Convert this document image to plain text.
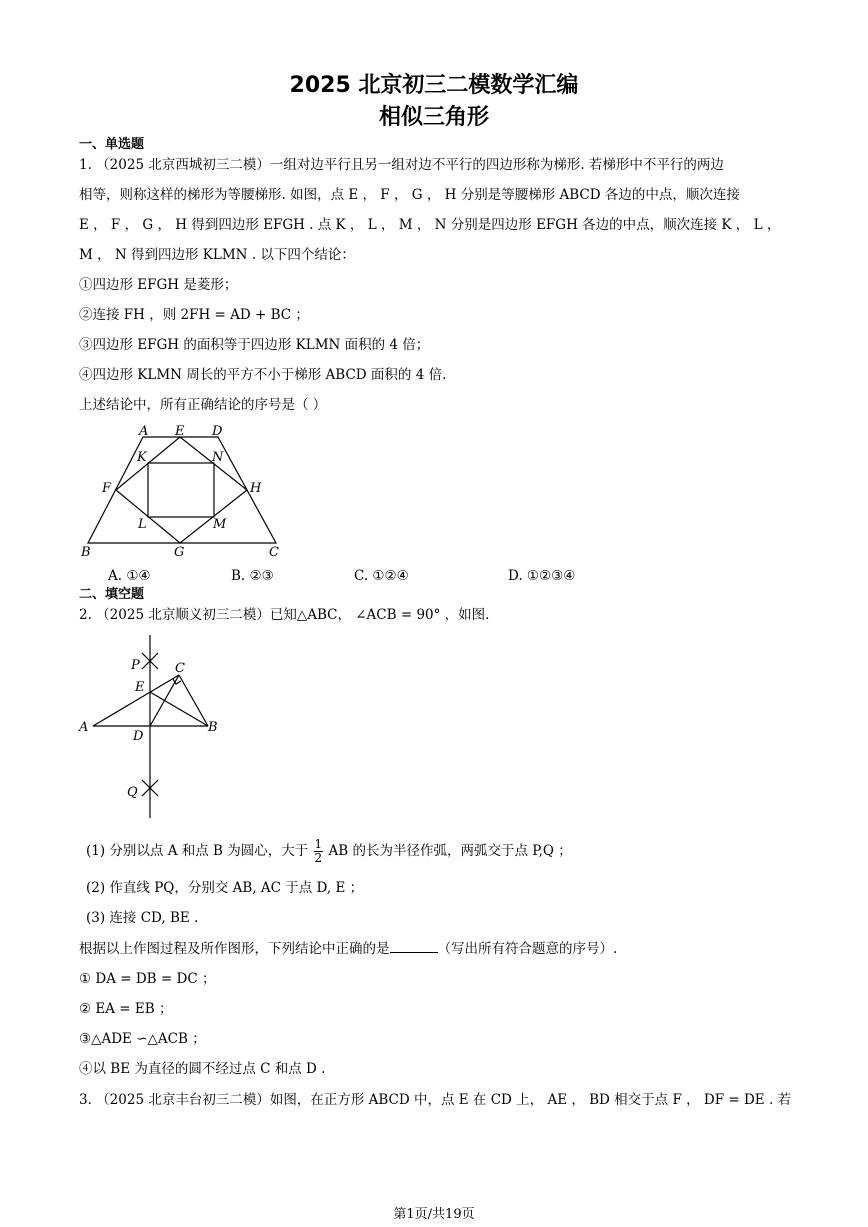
2025 北京初三二模数学汇编
相似三角形
一、单选题
1. （2025 北京西城初三二模）一组对边平行且另一组对边不平行的四边形称为梯形. 若梯形中不平行的两边
相等，则称这样的梯形为等腰梯形. 如图，点 E ， F ， G ， H 分别是等腰梯形 ABCD 各边的中点，顺次连接
E ， F ， G ， H 得到四边形 EFGH . 点 K ， L ， M ， N 分别是四边形 EFGH 各边的中点，顺次连接 K ， L ，
M ， N 得到四边形 KLMN . 以下四个结论：
①四边形 EFGH 是菱形；
②连接 FH ，则 2FH = AD + BC ；
③四边形 EFGH 的面积等于四边形 KLMN 面积的 4 倍；
④四边形 KLMN 周长的平方不小于梯形 ABCD 面积的 4 倍.
上述结论中，所有正确结论的序号是（ ）
A E D
K	N
F	H
L	M
B	G	C
A. ①④	B. ②③	C. ①②④	D. ①②③④
二、填空题
2. （2025 北京顺义初三二模）已知△ABC， ∠ACB = 90° ，如图.
P	C
E
A
D
B
Q
(1) 分别以点 A 和点 B 为圆心，大于 $\frac{1}{2}$ AB 的长为半径作弧，两弧交于点 P,Q ；
(2) 作直线 PQ，分别交 AB, AC 于点 D, E ；
(3) 连接 CD, BE .
根据以上作图过程及所作图形，下列结论中正确的是	（写出所有符合题意的序号）.
① DA = DB = DC ；
② EA = EB ；
③△ADE ∽△ACB ；
④以 BE 为直径的圆不经过点 C 和点 D .
3. （2025 北京丰台初三二模）如图，在正方形 ABCD 中，点 E 在 CD 上， AE ， BD 相交于点 F ， DF = DE . 若
第1页/共19页
